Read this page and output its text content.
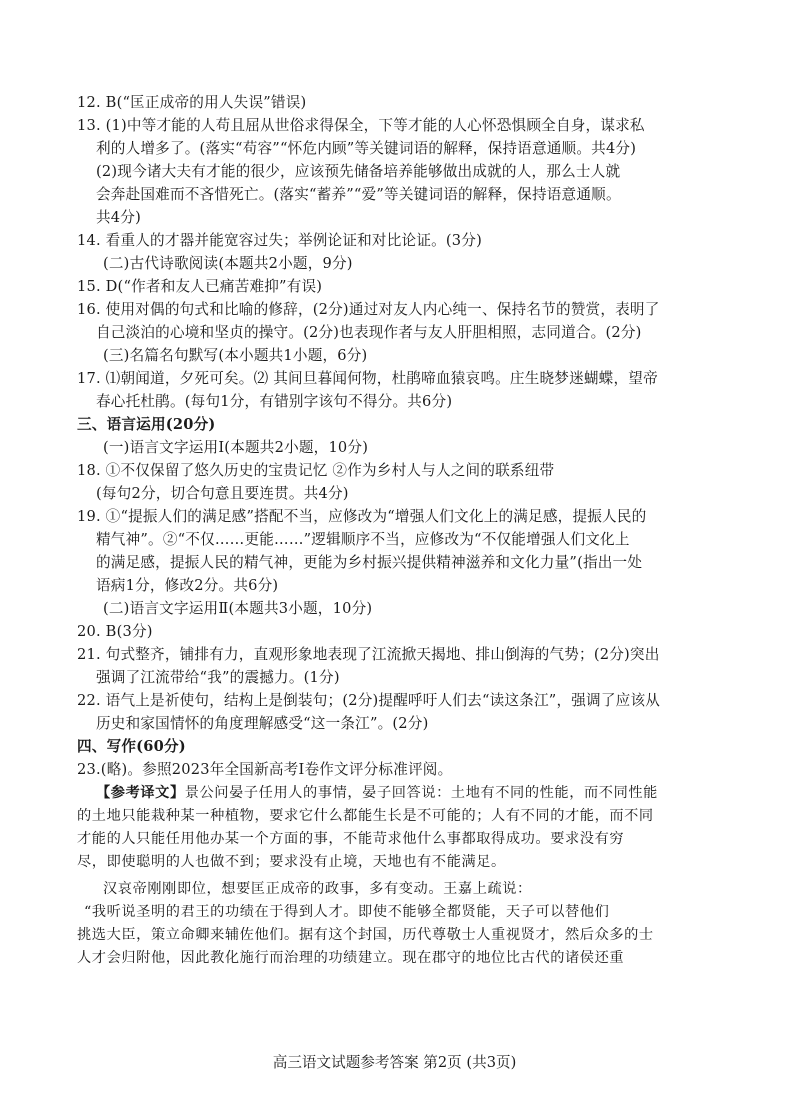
12. B(“匡正成帝的用人失误”错误)
13. (1)中等才能的人苟且屈从世俗求得保全，下等才能的人心怀恐惧顾全自身，谋求私
利的人增多了。(落实“苟容”“怀危内顾”等关键词语的解释，保持语意通顺。共4分)
(2)现今诸大夫有才能的很少，应该预先储备培养能够做出成就的人，那么士人就
会奔赴国难而不吝惜死亡。(落实“蓄养”“爱”等关键词语的解释，保持语意通顺。
共4分)
14. 看重人的才器并能宽容过失；举例论证和对比论证。(3分)
(二)古代诗歌阅读(本题共2小题，9分)
15. D(“作者和友人已痛苦难抑”有误)
16. 使用对偶的句式和比喻的修辞，(2分)通过对友人内心纯一、保持名节的赞赏，表明了
自己淡泊的心境和坚贞的操守。(2分)也表现作者与友人肝胆相照，志同道合。(2分)
(三)名篇名句默写(本小题共1小题，6分)
17. ⑴朝闻道，夕死可矣。⑵ 其间旦暮闻何物，杜鹃啼血猿哀鸣。庄生晓梦迷蝴蝶，望帝
春心托杜鹃。(每句1分，有错别字该句不得分。共6分)
三、语言运用(20分)
(一)语言文字运用Ⅰ(本题共2小题，10分)
18. ①不仅保留了悠久历史的宝贵记忆 ②作为乡村人与人之间的联系纽带
(每句2分，切合句意且要连贯。共4分)
19. ①“提振人们的满足感”搭配不当，应修改为“增强人们文化上的满足感，提振人民的
精气神”。②“不仅……更能……”逻辑顺序不当，应修改为“不仅能增强人们文化上
的满足感，提振人民的精气神，更能为乡村振兴提供精神滋养和文化力量”(指出一处
语病1分，修改2分。共6分)
(二)语言文字运用Ⅱ(本题共3小题，10分)
20. B(3分)
21. 句式整齐，铺排有力，直观形象地表现了江流掀天揭地、排山倒海的气势；(2分)突出
强调了江流带给“我”的震撼力。(1分)
22. 语气上是祈使句，结构上是倒装句；(2分)提醒呼吁人们去“读这条江”，强调了应该从
历史和家国情怀的角度理解感受“这一条江”。(2分)
四、写作(60分)
23.(略)。参照2023年全国新高考Ⅰ卷作文评分标准评阅。
【参考译文】景公问晏子任用人的事情，晏子回答说：土地有不同的性能，而不同性能
的土地只能栽种某一种植物，要求它什么都能生长是不可能的；人有不同的才能，而不同
才能的人只能任用他办某一个方面的事，不能苛求他什么事都取得成功。要求没有穷
尽，即使聪明的人也做不到；要求没有止境，天地也有不能满足。
汉哀帝刚刚即位，想要匡正成帝的政事，多有变动。王嘉上疏说：
“我听说圣明的君王的功绩在于得到人才。即使不能够全都贤能，天子可以替他们
挑选大臣，策立命卿来辅佐他们。据有这个封国，历代尊敬士人重视贤才，然后众多的士
人才会归附他，因此教化施行而治理的功绩建立。现在郡守的地位比古代的诸侯还重
高三语文试题参考答案 第2页 (共3页)
